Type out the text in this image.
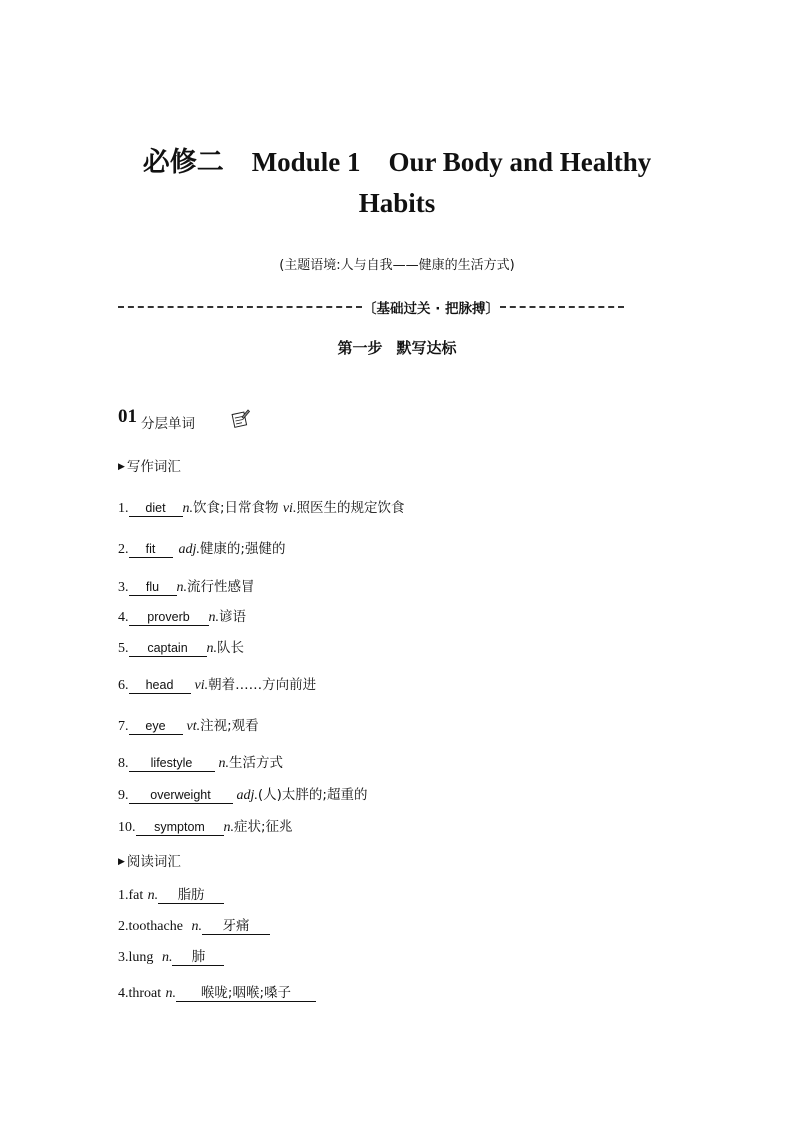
必修二 Module 1 Our Body and Healthy
Habits
(主题语境:人与自我——健康的生活方式)
〔基础过关 · 把脉搏〕
第一步 默写达标
01 分层单词
▶ 写作词汇
1. diet n.饮食;日常食物 vi.照医生的规定饮食
2. fit adj.健康的;强健的
3. flu n.流行性感冒
4. proverb n.谚语
5. captain n.队长
6. head vi.朝着……方向前进
7. eye vt.注视;观看
8. lifestyle n.生活方式
9. overweight adj.(人)太胖的;超重的
10. symptom n.症状;征兆
▶ 阅读词汇
1.fat n. 脂肪
2.toothache n. 牙痛
3.lung n. 肺
4.throat n. 喉咙;咽喉;嗓子
